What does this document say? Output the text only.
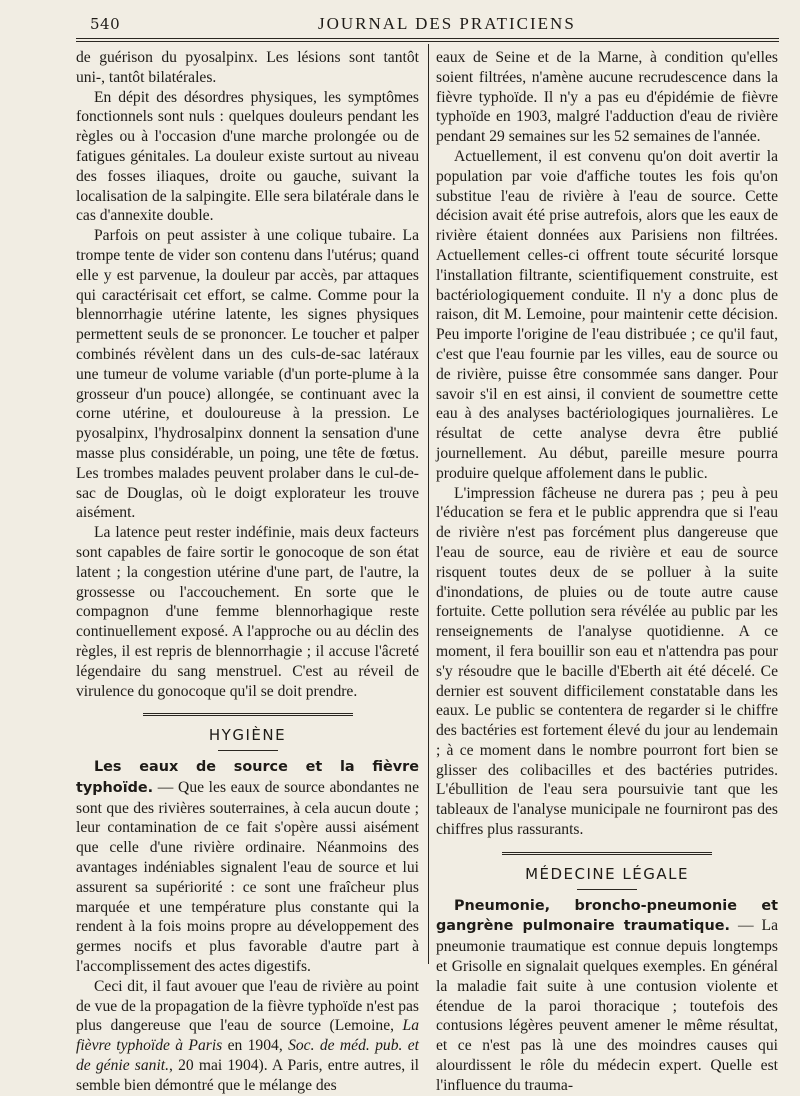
540	JOURNAL DES PRATICIENS

de guérison du pyosalpinx. Les lésions sont tantôt uni-, tantôt bilatérales.

En dépit des désordres physiques, les symptômes fonctionnels sont nuls : quelques douleurs pendant les règles ou à l'occasion d'une marche prolongée ou de fatigues génitales. La douleur existe surtout au niveau des fosses iliaques, droite ou gauche, suivant la localisation de la salpingite. Elle sera bilatérale dans le cas d'annexite double.

Parfois on peut assister à une colique tubaire. La trompe tente de vider son contenu dans l'utérus; quand elle y est parvenue, la douleur par accès, par attaques qui caractérisait cet effort, se calme. Comme pour la blennorrhagie utérine latente, les signes physiques permettent seuls de se prononcer. Le toucher et palper combinés révèlent dans un des culs-de-sac latéraux une tumeur de volume variable (d'un porte-plume à la grosseur d'un pouce) allongée, se continuant avec la corne utérine, et douloureuse à la pression. Le pyosalpinx, l'hydrosalpinx donnent la sensation d'une masse plus considérable, un poing, une tête de fœtus. Les trombes malades peuvent prolaber dans le cul-de-sac de Douglas, où le doigt explorateur les trouve aisément.

La latence peut rester indéfinie, mais deux facteurs sont capables de faire sortir le gonocoque de son état latent ; la congestion utérine d'une part, de l'autre, la grossesse ou l'accouchement. En sorte que le compagnon d'une femme blennorhagique reste continuellement exposé. A l'approche ou au déclin des règles, il est repris de blennorrhagie ; il accuse l'âcreté légendaire du sang menstruel. C'est au réveil de virulence du gonocoque qu'il se doit prendre.

HYGIÈNE

Les eaux de source et la fièvre typhoïde. — Que les eaux de source abondantes ne sont que des rivières souterraines, à cela aucun doute ; leur contamination de ce fait s'opère aussi aisément que celle d'une rivière ordinaire. Néanmoins des avantages indéniables signalent l'eau de source et lui assurent sa supériorité : ce sont une fraîcheur plus marquée et une température plus constante qui la rendent à la fois moins propre au développement des germes nocifs et plus favorable d'autre part à l'accomplissement des actes digestifs.

Ceci dit, il faut avouer que l'eau de rivière au point de vue de la propagation de la fièvre typhoïde n'est pas plus dangereuse que l'eau de source (Lemoine, La fièvre typhoïde à Paris en 1904, Soc. de méd. pub. et de génie sanit., 20 mai 1904). A Paris, entre autres, il semble bien démontré que le mélange des

eaux de Seine et de la Marne, à condition qu'elles soient filtrées, n'amène aucune recrudescence dans la fièvre typhoïde. Il n'y a pas eu d'épidémie de fièvre typhoïde en 1903, malgré l'adduction d'eau de rivière pendant 29 semaines sur les 52 semaines de l'année.

Actuellement, il est convenu qu'on doit avertir la population par voie d'affiche toutes les fois qu'on substitue l'eau de rivière à l'eau de source. Cette décision avait été prise autrefois, alors que les eaux de rivière étaient données aux Parisiens non filtrées. Actuellement celles-ci offrent toute sécurité lorsque l'installation filtrante, scientifiquement construite, est bactériologiquement conduite. Il n'y a donc plus de raison, dit M. Lemoine, pour maintenir cette décision. Peu importe l'origine de l'eau distribuée ; ce qu'il faut, c'est que l'eau fournie par les villes, eau de source ou de rivière, puisse être consommée sans danger. Pour savoir s'il en est ainsi, il convient de soumettre cette eau à des analyses bactériologiques journalières. Le résultat de cette analyse devra être publié journellement. Au début, pareille mesure pourra produire quelque affolement dans le public.

L'impression fâcheuse ne durera pas ; peu à peu l'éducation se fera et le public apprendra que si l'eau de rivière n'est pas forcément plus dangereuse que l'eau de source, eau de rivière et eau de source risquent toutes deux de se polluer à la suite d'inondations, de pluies ou de toute autre cause fortuite. Cette pollution sera révélée au public par les renseignements de l'analyse quotidienne. A ce moment, il fera bouillir son eau et n'attendra pas pour s'y résoudre que le bacille d'Eberth ait été décelé. Ce dernier est souvent difficilement constatable dans les eaux. Le public se contentera de regarder si le chiffre des bactéries est fortement élevé du jour au lendemain ; à ce moment dans le nombre pourront fort bien se glisser des colibacilles et des bactéries putrides. L'ébullition de l'eau sera poursuivie tant que les tableaux de l'analyse municipale ne fourniront pas des chiffres plus rassurants.

MÉDECINE LÉGALE

Pneumonie, broncho-pneumonie et gangrène pulmonaire traumatique. — La pneumonie traumatique est connue depuis longtemps et Grisolle en signalait quelques exemples. En général la maladie fait suite à une contusion violente et étendue de la paroi thoracique ; toutefois des contusions légères peuvent amener le même résultat, et ce n'est pas là une des moindres causes qui alourdissent le rôle du médecin expert. Quelle est l'influence du trauma-
